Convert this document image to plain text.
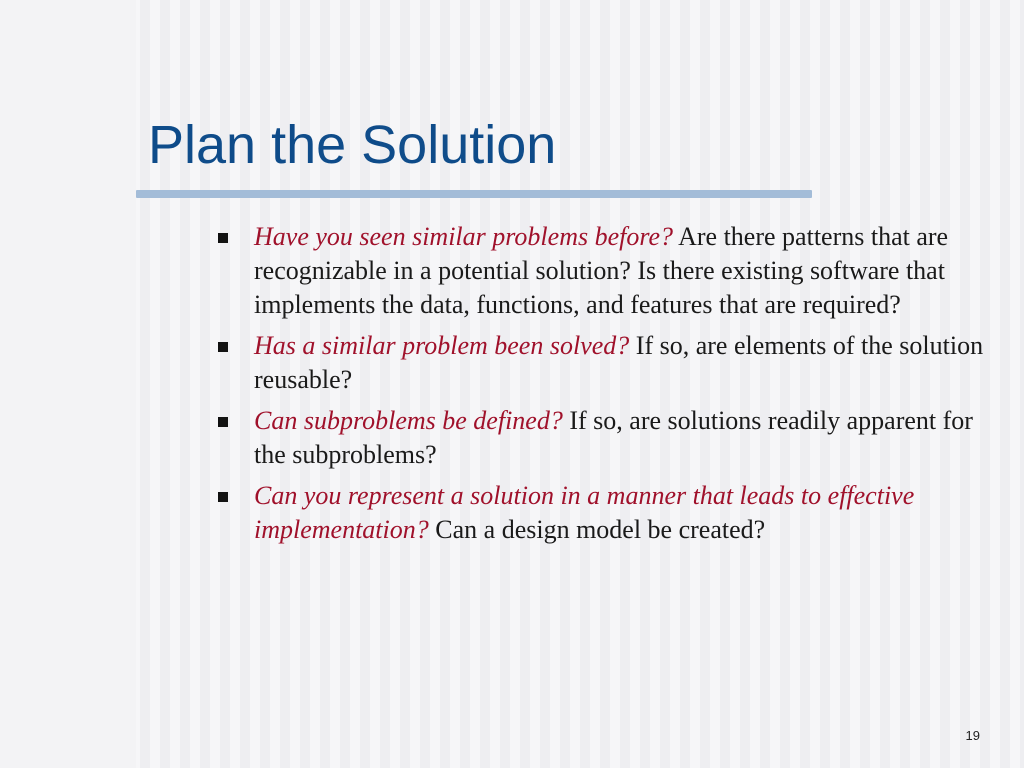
Plan the Solution
Have you seen similar problems before? Are there patterns that are recognizable in a potential solution? Is there existing software that implements the data, functions, and features that are required?
Has a similar problem been solved? If so, are elements of the solution reusable?
Can subproblems be defined? If so, are solutions readily apparent for the subproblems?
Can you represent a solution in a manner that leads to effective implementation? Can a design model be created?
19
